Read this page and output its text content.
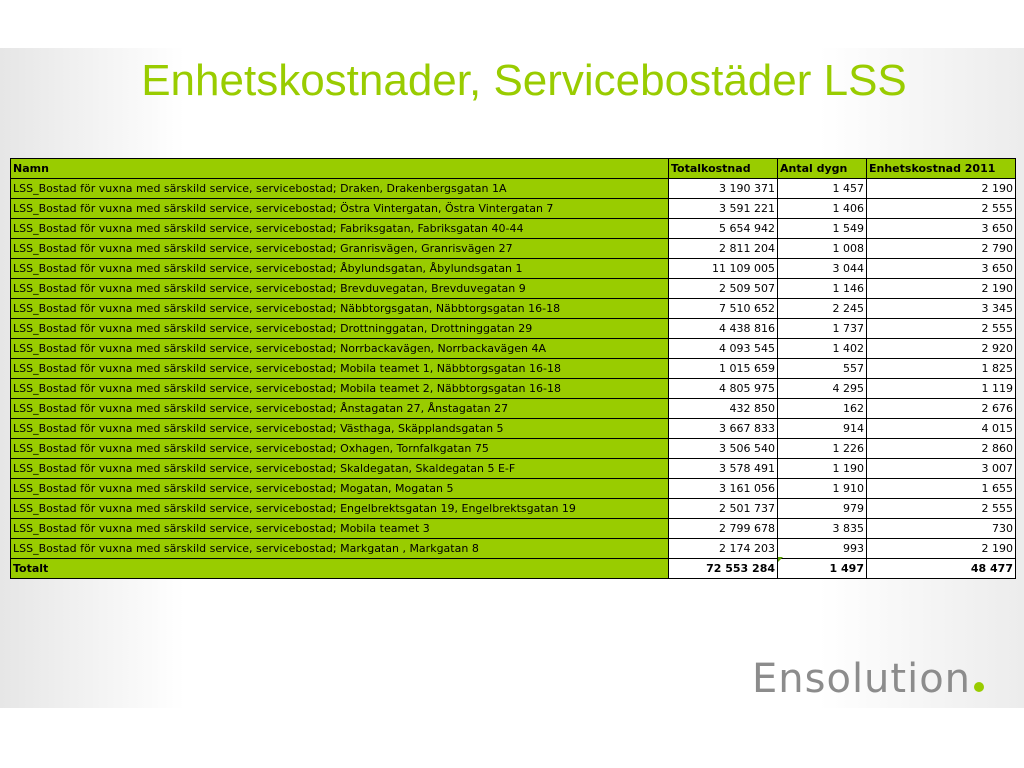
Enhetskostnader, Servicebostäder LSS
Namn	Totalkostnad	Antal dygn	Enhetskostnad 2011
LSS_Bostad för vuxna med särskild service, servicebostad; Draken, Drakenbergsgatan 1A	3 190 371	1 457	2 190
LSS_Bostad för vuxna med särskild service, servicebostad; Östra Vintergatan, Östra Vintergatan 7	3 591 221	1 406	2 555
LSS_Bostad för vuxna med särskild service, servicebostad; Fabriksgatan, Fabriksgatan 40-44	5 654 942	1 549	3 650
LSS_Bostad för vuxna med särskild service, servicebostad; Granrisvägen, Granrisvägen 27	2 811 204	1 008	2 790
LSS_Bostad för vuxna med särskild service, servicebostad; Åbylundsgatan, Åbylundsgatan 1	11 109 005	3 044	3 650
LSS_Bostad för vuxna med särskild service, servicebostad; Brevduvegatan, Brevduvegatan 9	2 509 507	1 146	2 190
LSS_Bostad för vuxna med särskild service, servicebostad; Näbbtorgsgatan, Näbbtorgsgatan 16-18	7 510 652	2 245	3 345
LSS_Bostad för vuxna med särskild service, servicebostad; Drottninggatan, Drottninggatan 29	4 438 816	1 737	2 555
LSS_Bostad för vuxna med särskild service, servicebostad; Norrbackavägen, Norrbackavägen 4A	4 093 545	1 402	2 920
LSS_Bostad för vuxna med särskild service, servicebostad; Mobila teamet 1, Näbbtorgsgatan 16-18	1 015 659	557	1 825
LSS_Bostad för vuxna med särskild service, servicebostad; Mobila teamet 2, Näbbtorgsgatan 16-18	4 805 975	4 295	1 119
LSS_Bostad för vuxna med särskild service, servicebostad; Ånstagatan 27, Ånstagatan 27	432 850	162	2 676
LSS_Bostad för vuxna med särskild service, servicebostad; Västhaga, Skäpplandsgatan 5	3 667 833	914	4 015
LSS_Bostad för vuxna med särskild service, servicebostad; Oxhagen, Tornfalkgatan 75	3 506 540	1 226	2 860
LSS_Bostad för vuxna med särskild service, servicebostad; Skaldegatan, Skaldegatan 5 E-F	3 578 491	1 190	3 007
LSS_Bostad för vuxna med särskild service, servicebostad; Mogatan, Mogatan 5	3 161 056	1 910	1 655
LSS_Bostad för vuxna med särskild service, servicebostad; Engelbrektsgatan 19, Engelbrektsgatan 19	2 501 737	979	2 555
LSS_Bostad för vuxna med särskild service, servicebostad; Mobila teamet 3	2 799 678	3 835	730
LSS_Bostad för vuxna med särskild service, servicebostad; Markgatan , Markgatan 8	2 174 203	993	2 190
Totalt	72 553 284	1 497	48 477
Ensolution
